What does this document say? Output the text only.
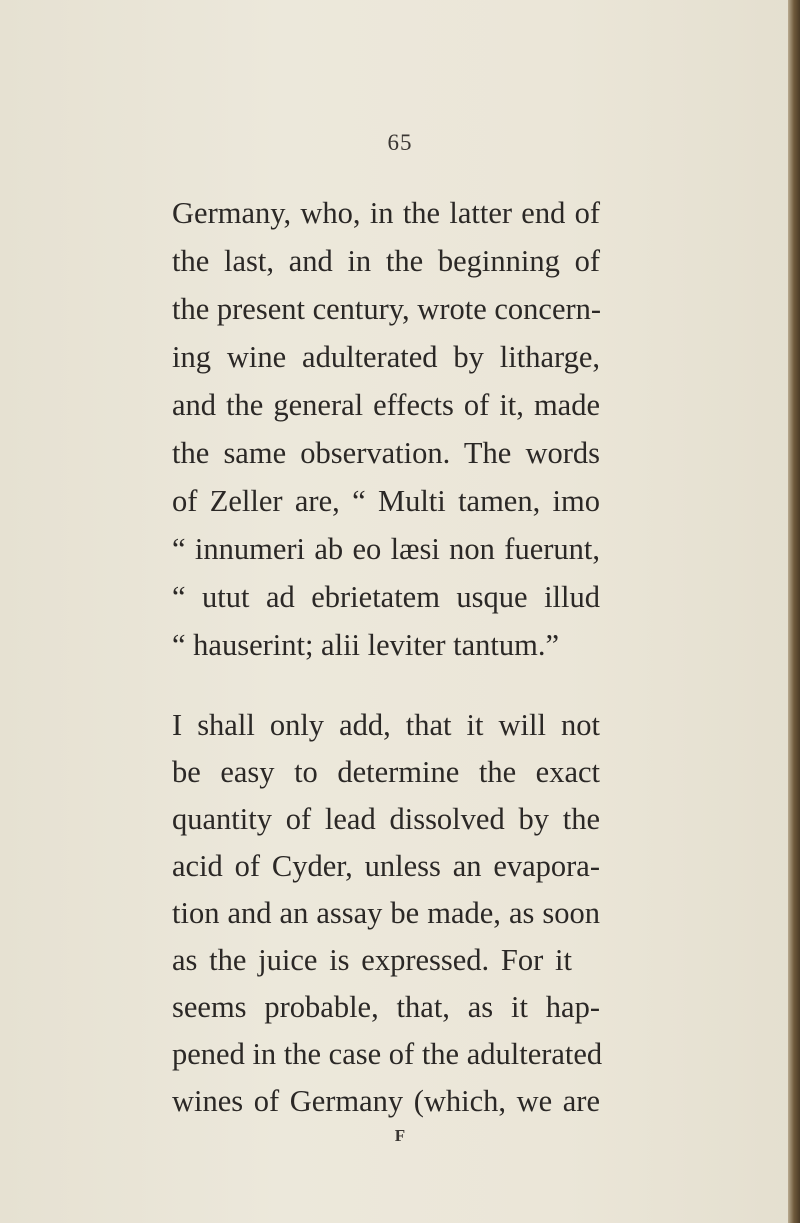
65
Germany, who, in the latter end of
the last, and in the beginning of
the present century, wrote concern-
ing wine adulterated by litharge,
and the general effects of it, made
the same observation. The words
of Zeller are, “ Multi tamen, imo
“ innumeri ab eo læsi non fuerunt,
“ utut ad ebrietatem usque illud
“ hauserint; alii leviter tantum.”
I shall only add, that it will not
be easy to determine the exact
quantity of lead dissolved by the
acid of Cyder, unless an evapora-
tion and an assay be made, as soon
as the juice is expressed. For it
seems probable, that, as it hap-
pened in the case of the adulterated
wines of Germany (which, we are
F
